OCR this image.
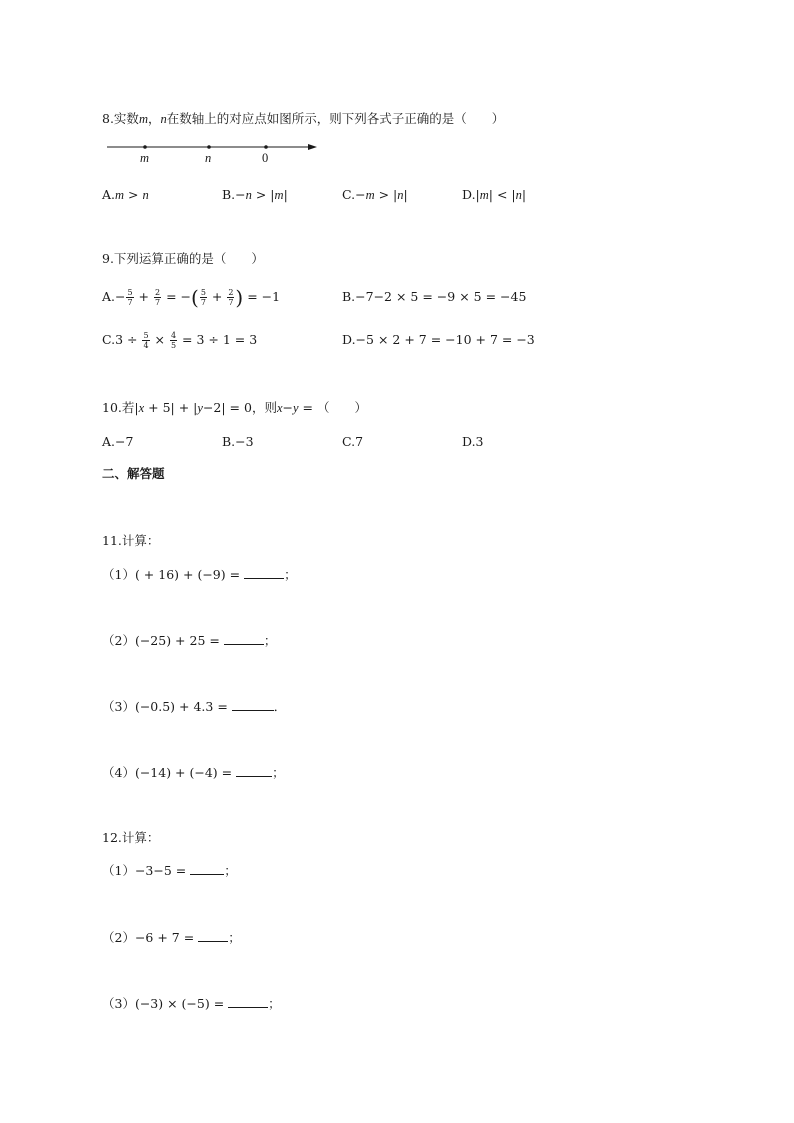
8.实数m，n在数轴上的对应点如图所示，则下列各式子正确的是（　　）
m	n	0
A.m > n	B.−n > |m|	C.−m > |n|	D.|m| < |n|
9.下列运算正确的是（　　）
$A.- \frac{5}{7} + \frac{2}{7}$ = −( $\frac{5}{7} + \frac{2}{7}$ ) = −1	B.−7−2 × 5 = −9 × 5 = −45
$C.3 \div \frac{5}{4} \times \frac{4}{5} = 3 \div 1 = 3$	D.−5 × 2 + 7 = −10 + 7 = −3
10.若|x + 5| + |y−2| = 0，则x−y = （　　）
A.−7	B.−3	C.7	D.3
二、解答题
11.计算：
（1）( + 16) + (−9) =	；
（2）(−25) + 25 =	；
（3）(−0.5) + 4.3 =	．
（4）(−14) + (−4) =	；
12.计算：
（1）−3−5 =	；
（2）−6 + 7 = ；
（3）(−3) × (−5) =	；
